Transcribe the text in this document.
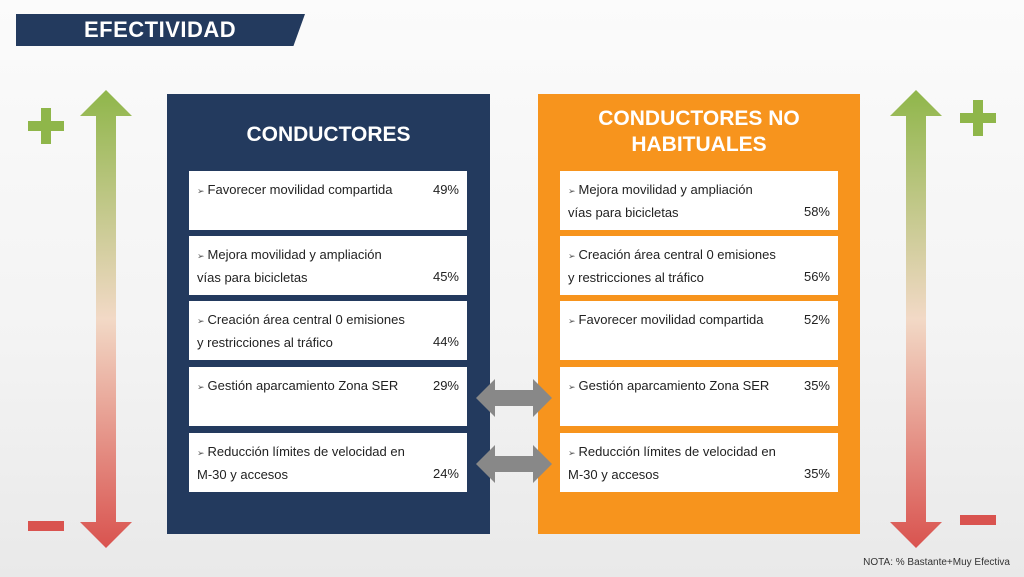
EFECTIVIDAD
CONDUCTORES
➢ Favorecer movilidad compartida	49%
➢ Mejora movilidad y ampliación vías para bicicletas	45%
➢ Creación área central 0 emisiones y restricciones al tráfico	44%
➢ Gestión aparcamiento Zona SER	29%
➢ Reducción límites de velocidad en M-30 y accesos	24%
CONDUCTORES NO HABITUALES
➢ Mejora movilidad y ampliación vías para bicicletas	58%
➢ Creación área central 0 emisiones y restricciones al tráfico	56%
➢ Favorecer movilidad compartida	52%
➢ Gestión aparcamiento Zona SER	35%
➢ Reducción límites de velocidad en M-30 y accesos	35%
NOTA: % Bastante+Muy Efectiva
